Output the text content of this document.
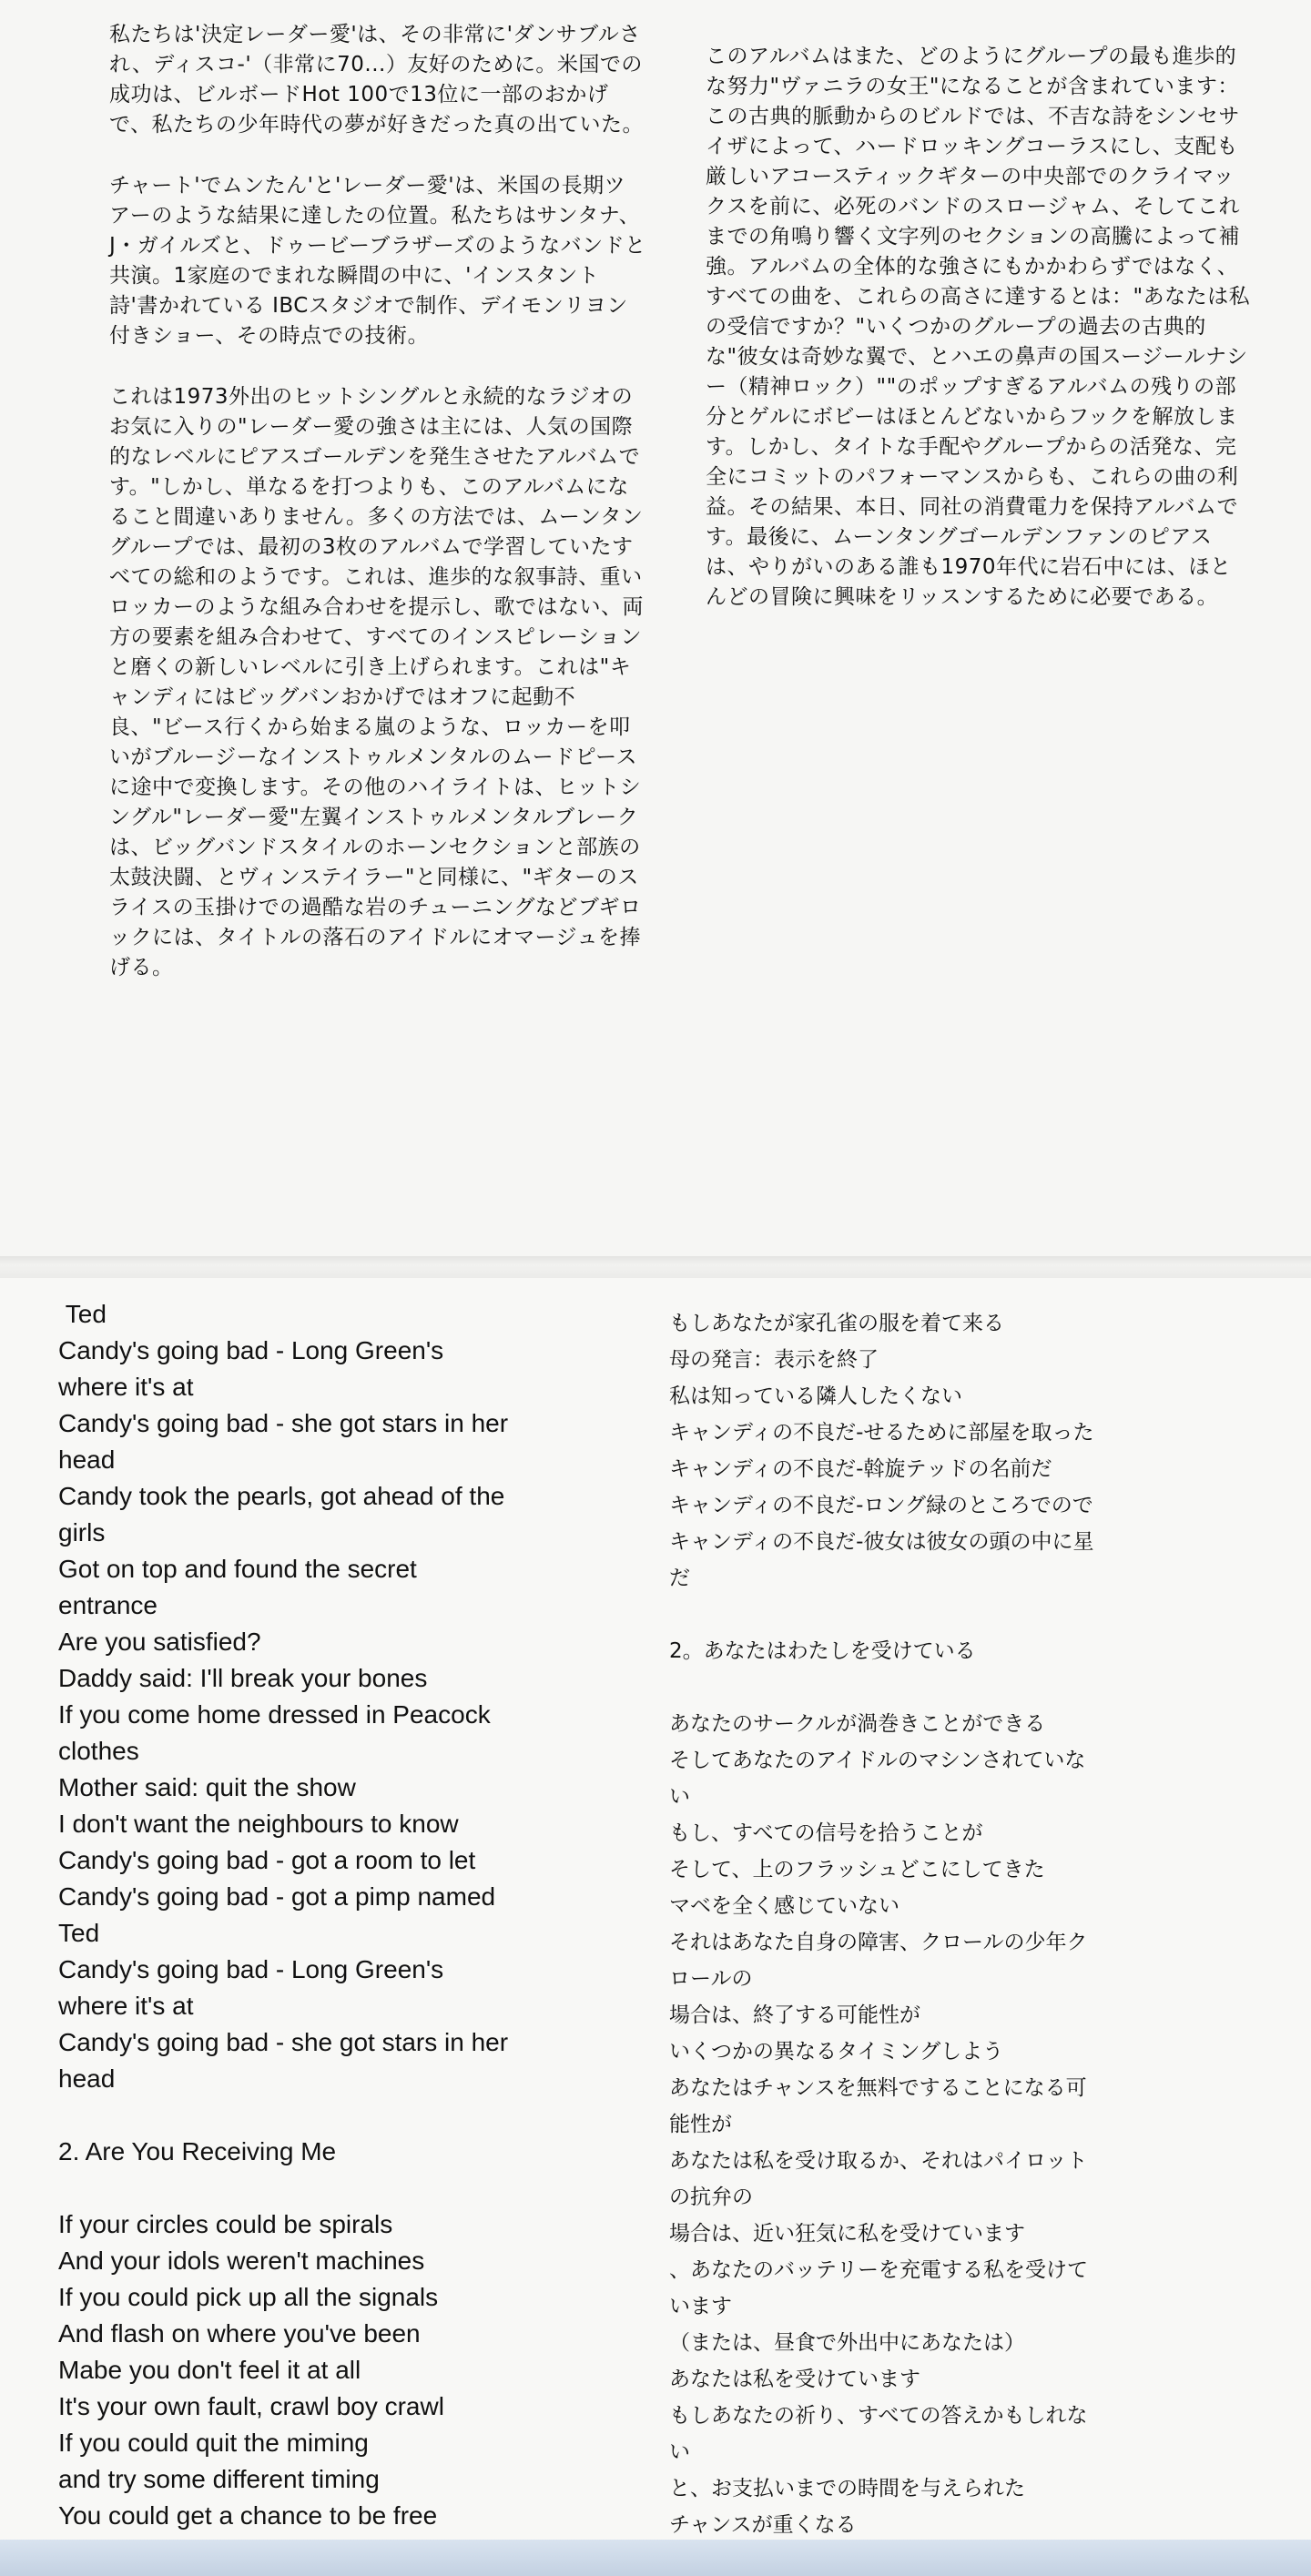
私たちは'決定レーダー愛'は、その非常に'ダンサブルされ、ディスコ-'（非常に70...）友好のために。米国での成功は、ビルボードHot 100で13位に一部のおかげで、私たちの少年時代の夢が好きだった真の出ていた。

チャート'でムンたん'と'レーダー愛'は、米国の長期ツアーのような結果に達したの位置。私たちはサンタナ、J・ガイルズと、ドゥービーブラザーズのようなバンドと共演。1家庭のでまれな瞬間の中に、'インスタント詩'書かれている IBCスタジオで制作、デイモンリヨン付きショー、その時点での技術。

これは1973外出のヒットシングルと永続的なラジオのお気に入りの"レーダー愛の強さは主には、人気の国際的なレベルにピアスゴールデンを発生させたアルバムです。"しかし、単なるを打つよりも、このアルバムになること間違いありません。多くの方法では、ムーンタングループでは、最初の3枚のアルバムで学習していたすべての総和のようです。これは、進歩的な叙事詩、重いロッカーのような組み合わせを提示し、歌ではない、両方の要素を組み合わせて、すべてのインスピレーションと磨くの新しいレベルに引き上げられます。これは"キャンディにはビッグバンおかげではオフに起動不良、"ビース行くから始まる嵐のような、ロッカーを叩いがブルージーなインストゥルメンタルのムードピースに途中で変換します。その他のハイライトは、ヒットシングル"レーダー愛"左翼インストゥルメンタルブレークは、ビッグバンドスタイルのホーンセクションと部族の太鼓決闘、とヴィンステイラー"と同様に、"ギターのスライスの玉掛けでの過酷な岩のチューニングなどブギロックには、タイトルの落石のアイドルにオマージュを捧げる。

このアルバムはまた、どのようにグループの最も進歩的な努力"ヴァニラの女王"になることが含まれています：この古典的脈動からのビルドでは、不吉な詩をシンセサイザによって、ハードロッキングコーラスにし、支配も厳しいアコースティックギターの中央部でのクライマックスを前に、必死のバンドのスロージャム、そしてこれまでの角鳴り響く文字列のセクションの高騰によって補強。アルバムの全体的な強さにもかかわらずではなく、すべての曲を、これらの高さに達するとは："あなたは私の受信ですか？"いくつかのグループの過去の古典的な"彼女は奇妙な翼で、とハエの鼻声の国スージールナシー（精神ロック）""のポップすぎるアルバムの残りの部分とゲルにボビーはほとんどないからフックを解放します。しかし、タイトな手配やグループからの活発な、完全にコミットのパフォーマンスからも、これらの曲の利益。その結果、本日、同社の消費電力を保持アルバムです。最後に、ムーンタングゴールデンファンのピアスは、やりがいのある誰も1970年代に岩石中には、ほとんどの冒険に興味をリッスンするために必要である。

Ted
Candy's going bad - Long Green's
where it's at
Candy's going bad - she got stars in her
head
Candy took the pearls, got ahead of the
girls
Got on top and found the secret
entrance
Are you satisfied?
Daddy said: I'll break your bones
If you come home dressed in Peacock
clothes
Mother said: quit the show
I don't want the neighbours to know
Candy's going bad - got a room to let
Candy's going bad - got a pimp named
Ted
Candy's going bad - Long Green's
where it's at
Candy's going bad - she got stars in her
head
2. Are You Receiving Me
If your circles could be spirals
And your idols weren't machines
If you could pick up all the signals
And flash on where you've been
Mabe you don't feel it at all
It's your own fault, crawl boy crawl
If you could quit the miming
and try some different timing
You could get a chance to be free
もしあなたが家孔雀の服を着て来る
母の発言：表示を終了
私は知っている隣人したくない
キャンディの不良だ-せるために部屋を取った
キャンディの不良だ-斡旋テッドの名前だ
キャンディの不良だ-ロング緑のところでので
キャンディの不良だ-彼女は彼女の頭の中に星
だ
2。あなたはわたしを受けている
あなたのサークルが渦巻きことができる
そしてあなたのアイドルのマシンされていな
い
もし、すべての信号を拾うことが
そして、上のフラッシュどこにしてきた
マベを全く感じていない
それはあなた自身の障害、クロールの少年ク
ロールの
場合は、終了する可能性が
いくつかの異なるタイミングしよう
あなたはチャンスを無料ですることになる可
能性が
あなたは私を受け取るか、それはパイロット
の抗弁の
場合は、近い狂気に私を受けています
、あなたのバッテリーを充電する私を受けて
います
（または、昼食で外出中にあなたは）
あなたは私を受けています
もしあなたの祈り、すべての答えかもしれな
い
と、お支払いまでの時間を与えられた
チャンスが重くなる
